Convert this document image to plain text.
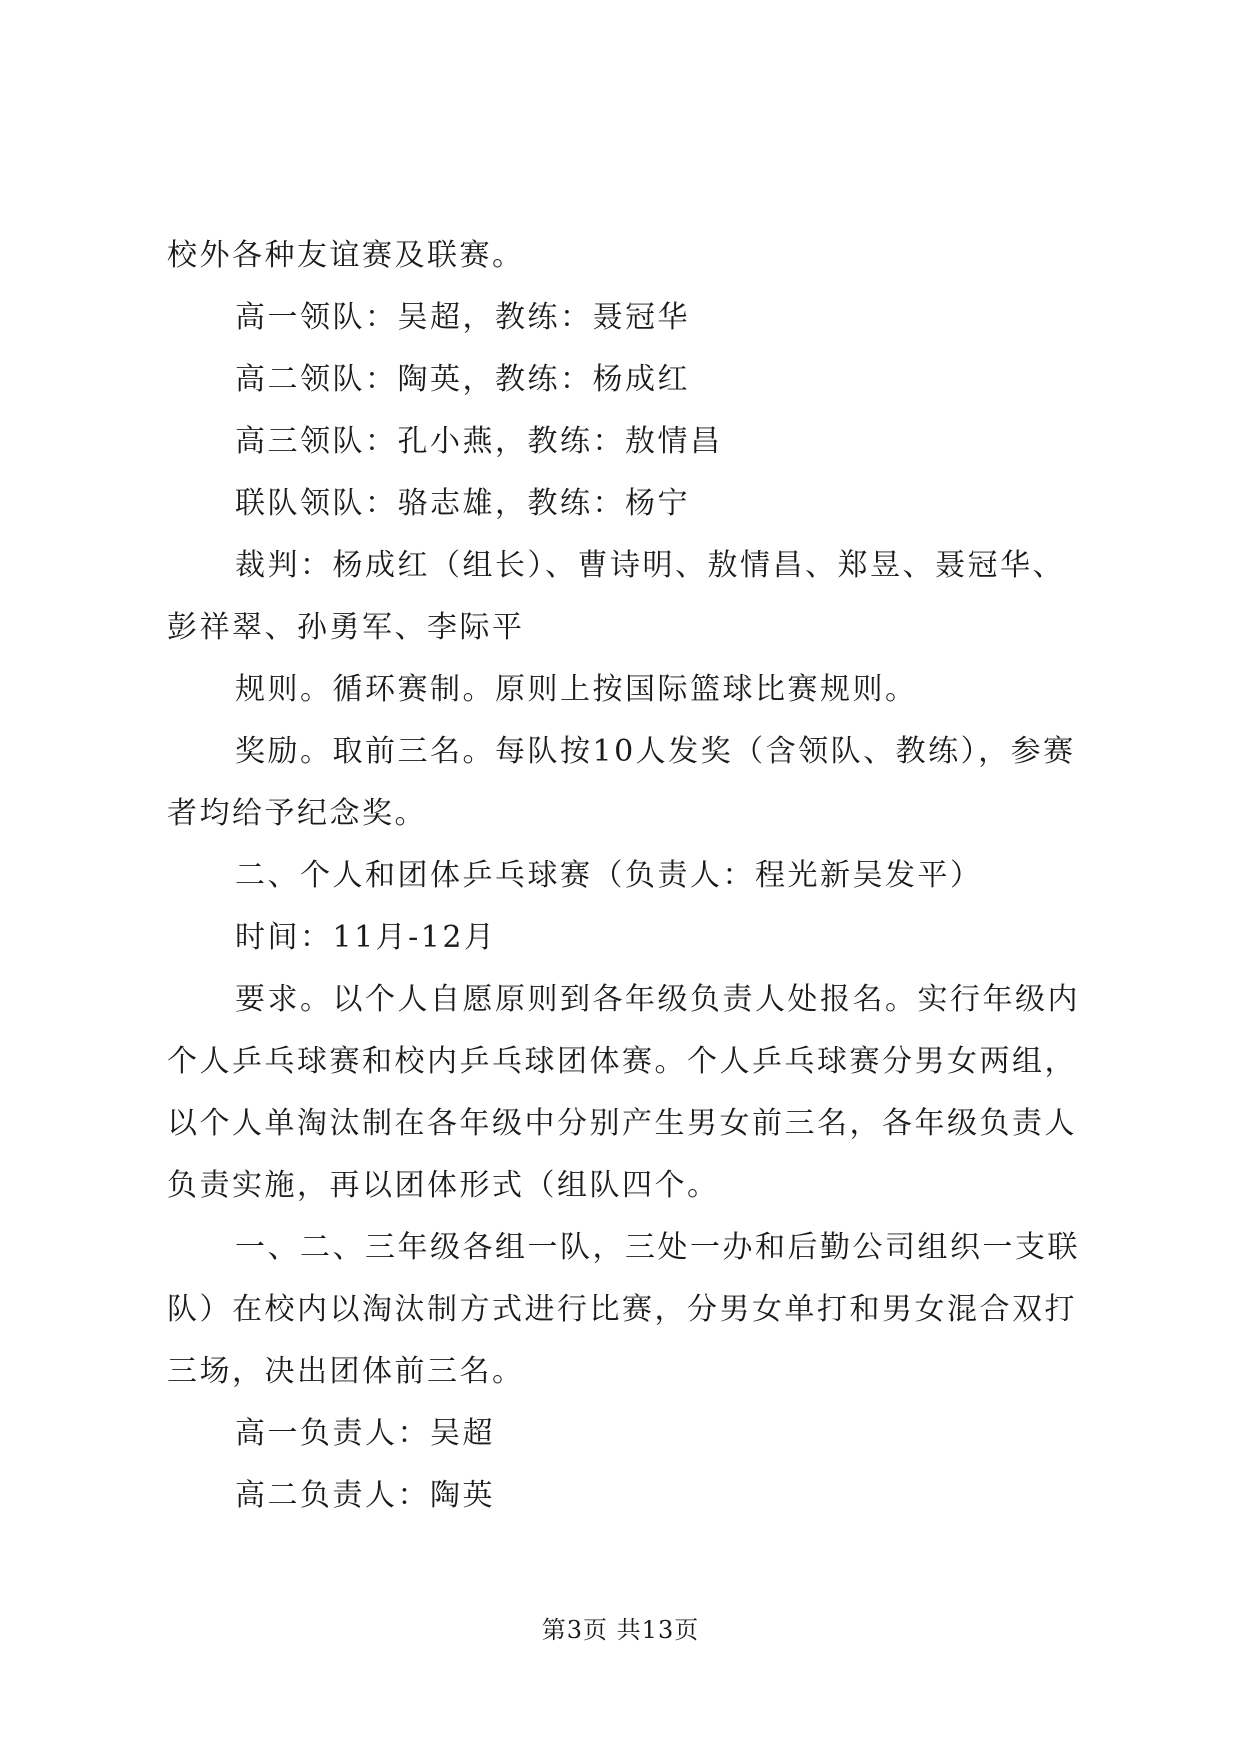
校外各种友谊赛及联赛。

高一领队：吴超，教练：聂冠华

高二领队：陶英，教练：杨成红

高三领队：孔小燕，教练：敖情昌

联队领队：骆志雄，教练：杨宁

裁判：杨成红（组长）、曹诗明、敖情昌、郑昱、聂冠华、彭祥翠、孙勇军、李际平

规则。循环赛制。原则上按国际篮球比赛规则。

奖励。取前三名。每队按10人发奖（含领队、教练），参赛者均给予纪念奖。

二、个人和团体乒乓球赛（负责人：程光新吴发平）

时间：11月-12月

要求。以个人自愿原则到各年级负责人处报名。实行年级内个人乒乓球赛和校内乒乓球团体赛。个人乒乓球赛分男女两组，以个人单淘汰制在各年级中分别产生男女前三名，各年级负责人负责实施，再以团体形式（组队四个。

一、二、三年级各组一队，三处一办和后勤公司组织一支联队）在校内以淘汰制方式进行比赛，分男女单打和男女混合双打三场，决出团体前三名。

高一负责人：吴超

高二负责人：陶英

第3页 共13页
